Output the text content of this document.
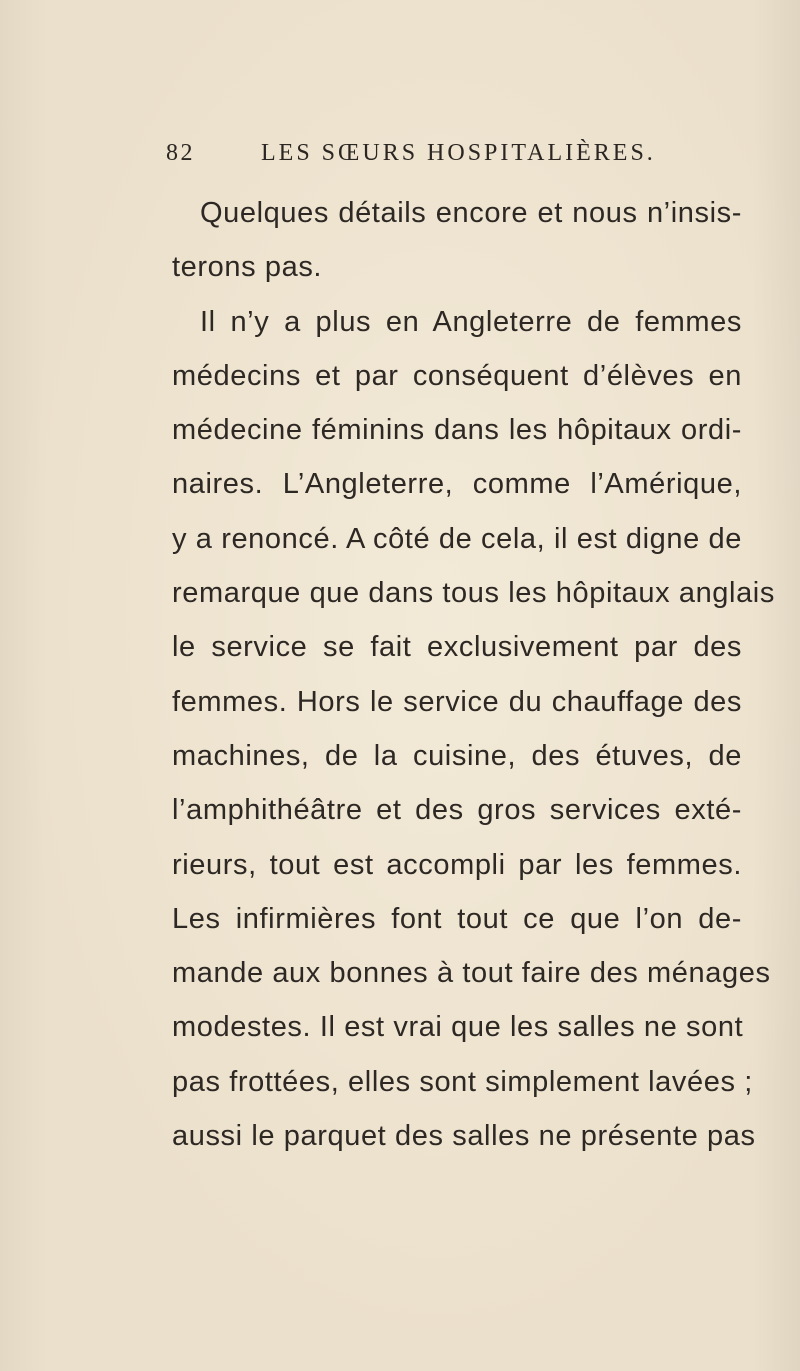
82	LES SŒURS HOSPITALIÈRES.
Quelques détails encore et nous n’insis-
terons pas.
Il n’y a plus en Angleterre de femmes
médecins et par conséquent d’élèves en
médecine féminins dans les hôpitaux ordi-
naires. L’Angleterre, comme l’Amérique,
y a renoncé. A côté de cela, il est digne de
remarque que dans tous les hôpitaux anglais
le service se fait exclusivement par des
femmes. Hors le service du chauffage des
machines, de la cuisine, des étuves, de
l’amphithéâtre et des gros services exté-
rieurs, tout est accompli par les femmes.
Les infirmières font tout ce que l’on de-
mande aux bonnes à tout faire des ménages
modestes. Il est vrai que les salles ne sont
pas frottées, elles sont simplement lavées ;
aussi le parquet des salles ne présente pas
